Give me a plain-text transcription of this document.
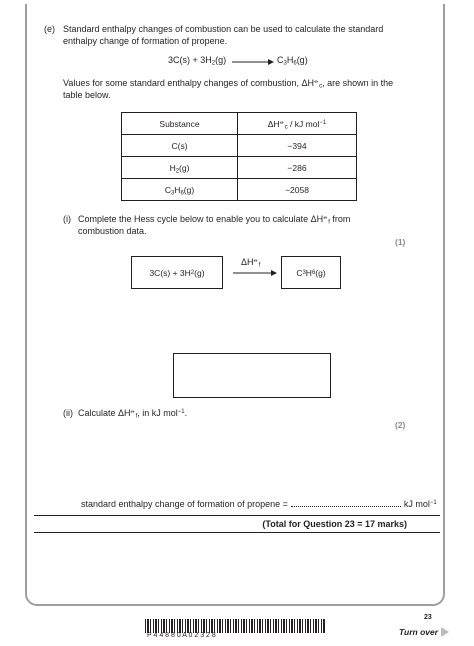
(e) Standard enthalpy changes of combustion can be used to calculate the standard
enthalpy change of formation of propene.
$3C(s) + 3H_2(g)$	$C_3H_6(g)$
Values for some standard enthalpy changes of combustion, $\Delta H^⦵_c$, are shown in the
table below.
Substance	$\Delta H^⦵_c$ / kJ mol$^{-1}$
C(s)	−394
$H_2(g)$	−286
$C_3H_6(g)$	−2058
(i) Complete the Hess cycle below to enable you to calculate $\Delta H^⦵_f$ from
combustion data.
(1)
3C(s) + 3H 2 (g)
$\Delta H^⦵_f$
C 3 H 6 (g)
(ii) Calculate $\Delta H^⦵_f$, in kJ mol$^{-1}$.
(2)
standard enthalpy change of formation of propene =	kJ mol$^{-1}$
(Total for Question 23 = 17 marks)
23
P 4 4 8 8 0 A 0 2 3 2 8	Turn over
